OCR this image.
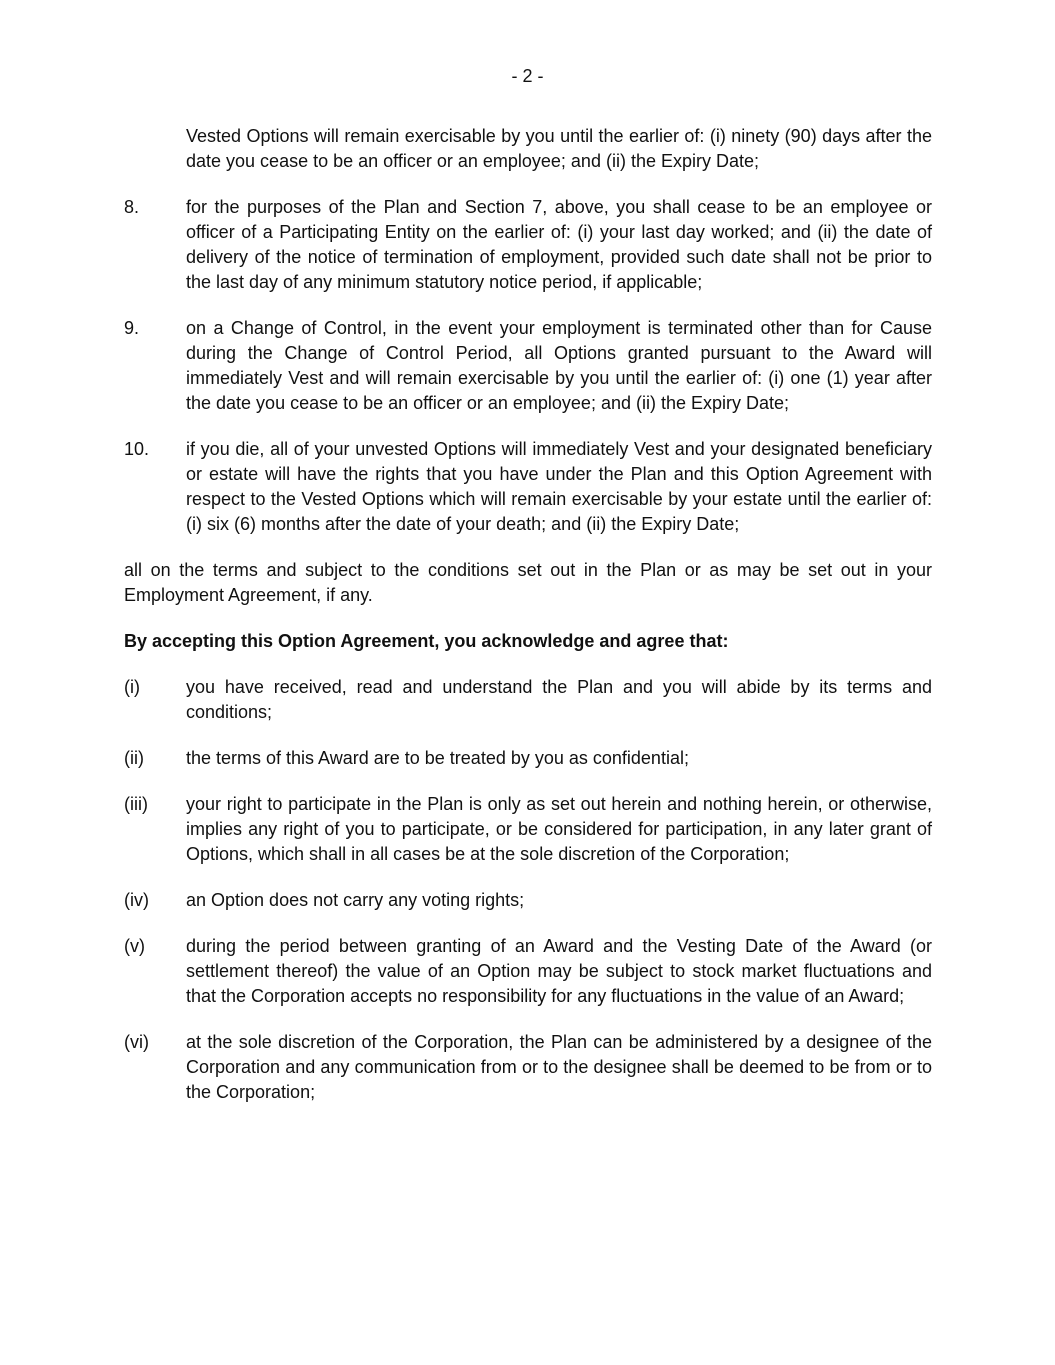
- 2 -

Vested Options will remain exercisable by you until the earlier of: (i) ninety (90) days after the date you cease to be an officer or an employee; and (ii) the Expiry Date;

8.	for the purposes of the Plan and Section 7, above, you shall cease to be an employee or officer of a Participating Entity on the earlier of: (i) your last day worked; and (ii) the date of delivery of the notice of termination of employment, provided such date shall not be prior to the last day of any minimum statutory notice period, if applicable;
9.	on a Change of Control, in the event your employment is terminated other than for Cause during the Change of Control Period, all Options granted pursuant to the Award will immediately Vest and will remain exercisable by you until the earlier of: (i) one (1) year after the date you cease to be an officer or an employee; and (ii) the Expiry Date;
10.	if you die, all of your unvested Options will immediately Vest and your designated beneficiary or estate will have the rights that you have under the Plan and this Option Agreement with respect to the Vested Options which will remain exercisable by your estate until the earlier of: (i) six (6) months after the date of your death; and (ii) the Expiry Date;

all on the terms and subject to the conditions set out in the Plan or as may be set out in your Employment Agreement, if any.

By accepting this Option Agreement, you acknowledge and agree that:

(i)	you have received, read and understand the Plan and you will abide by its terms and conditions;
(ii)	the terms of this Award are to be treated by you as confidential;
(iii)	your right to participate in the Plan is only as set out herein and nothing herein, or otherwise, implies any right of you to participate, or be considered for participation, in any later grant of Options, which shall in all cases be at the sole discretion of the Corporation;
(iv)	an Option does not carry any voting rights;
(v)	during the period between granting of an Award and the Vesting Date of the Award (or settlement thereof) the value of an Option may be subject to stock market fluctuations and that the Corporation accepts no responsibility for any fluctuations in the value of an Award;
(vi)	at the sole discretion of the Corporation, the Plan can be administered by a designee of the Corporation and any communication from or to the designee shall be deemed to be from or to the Corporation;
